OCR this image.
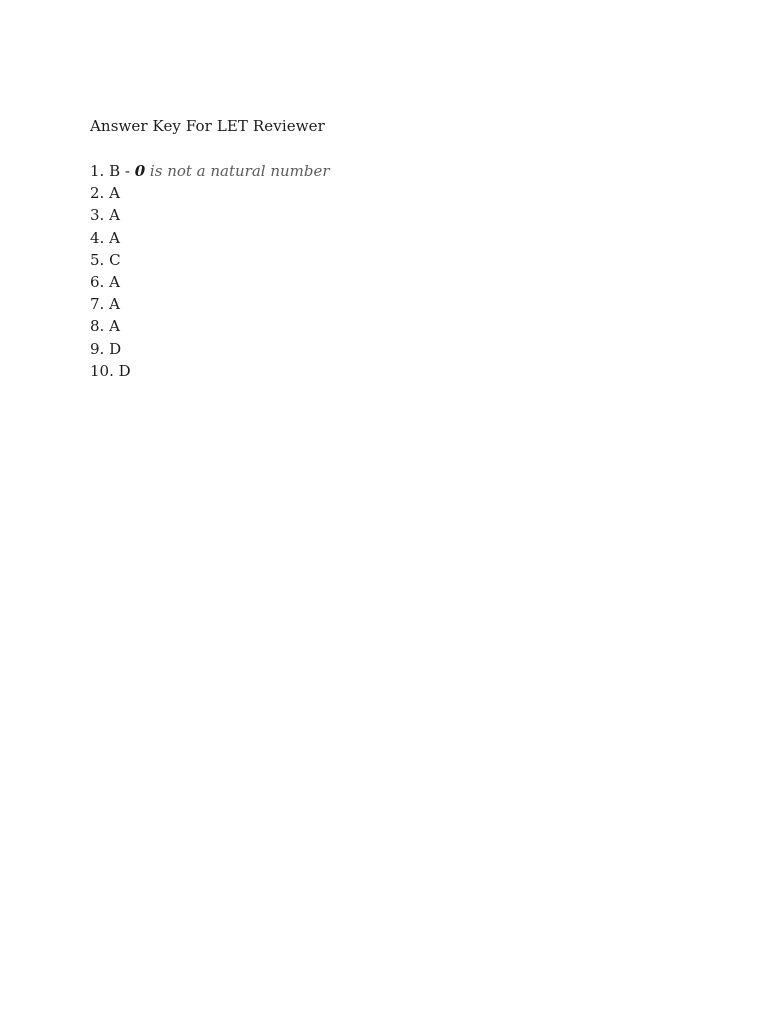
Answer Key For LET Reviewer
1. B - 0 is not a natural number
2. A
3. A
4. A
5. C
6. A
7. A
8. A
9. D
10. D
